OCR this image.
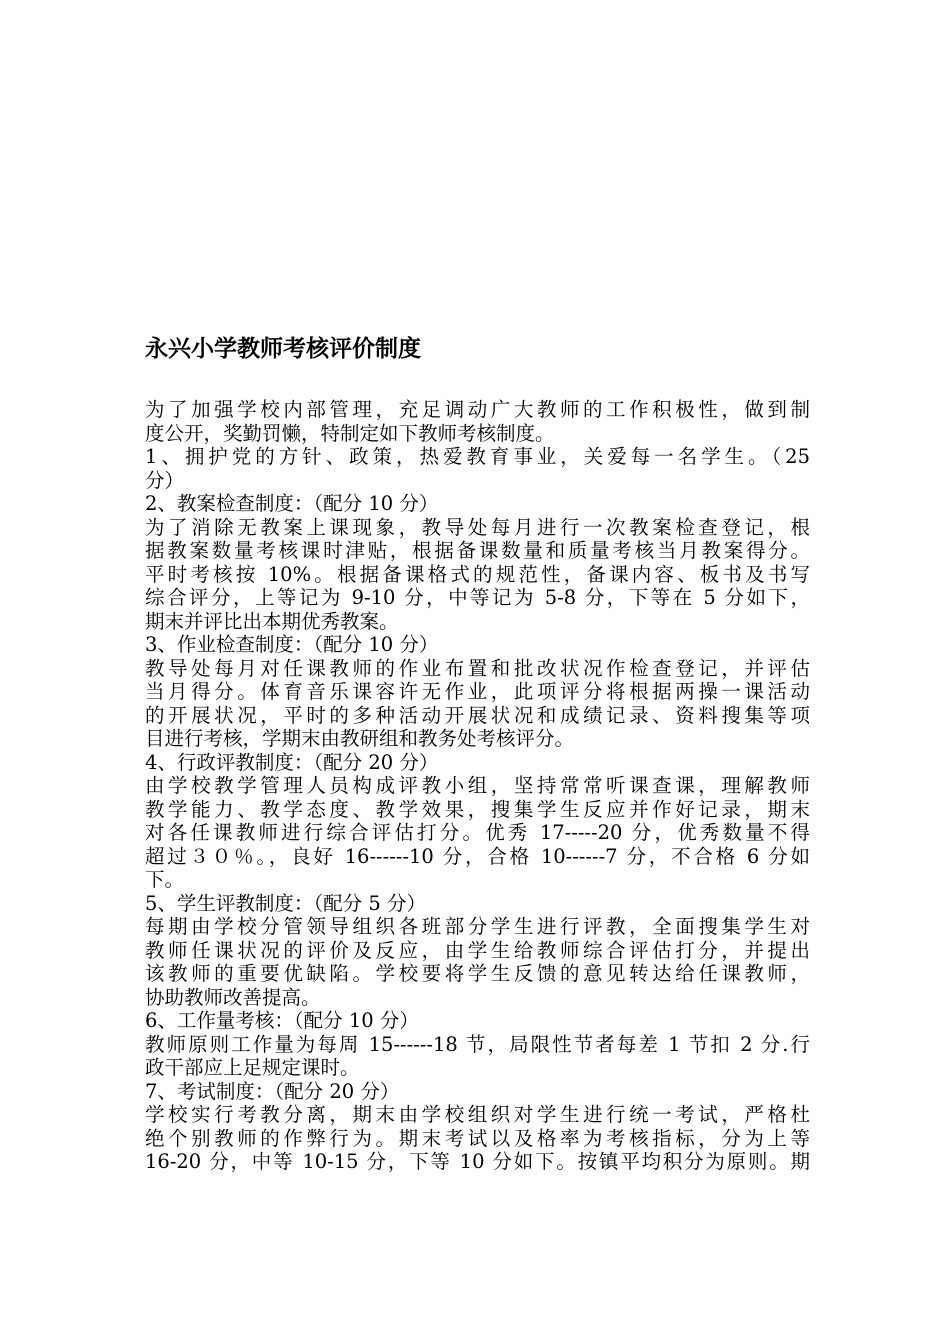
永兴小学教师考核评价制度
为了加强学校内部管理，充足调动广大教师的工作积极性，做到制
度公开，奖勤罚懒，特制定如下教师考核制度。
1、拥护党的方针、政策，热爱教育事业，关爱每一名学生。（25
分）
2、教案检查制度：（配分 10 分）
为了消除无教案上课现象，教导处每月进行一次教案检查登记，根
据教案数量考核课时津贴，根据备课数量和质量考核当月教案得分。
平时考核按 10%。根据备课格式的规范性，备课内容、板书及书写
综合评分，上等记为 9-10 分，中等记为 5-8 分，下等在 5 分如下，
期末并评比出本期优秀教案。
3、作业检查制度：（配分 10 分）
教导处每月对任课教师的作业布置和批改状况作检查登记，并评估
当月得分。体育音乐课容许无作业，此项评分将根据两操一课活动
的开展状况，平时的多种活动开展状况和成绩记录、资料搜集等项
目进行考核，学期末由教研组和教务处考核评分。
4、行政评教制度：（配分 20 分）
由学校教学管理人员构成评教小组，坚持常常听课查课，理解教师
教学能力、教学态度、教学效果，搜集学生反应并作好记录，期末
对各任课教师进行综合评估打分。优秀 17-----20 分，优秀数量不得
超过３０％。，良好 16------10 分，合格 10------7 分，不合格 6 分如
下。
5、学生评教制度：（配分 5 分）
每期由学校分管领导组织各班部分学生进行评教，全面搜集学生对
教师任课状况的评价及反应，由学生给教师综合评估打分，并提出
该教师的重要优缺陷。学校要将学生反馈的意见转达给任课教师，
协助教师改善提高。
6、工作量考核：（配分 10 分）
教师原则工作量为每周 15------18 节，局限性节者每差 1 节扣 2 分.行
政干部应上足规定课时。
7、考试制度：（配分 20 分）
学校实行考教分离，期末由学校组织对学生进行统一考试，严格杜
绝个别教师的作弊行为。期末考试以及格率为考核指标，分为上等
16-20 分，中等 10-15 分，下等 10 分如下。按镇平均积分为原则。期
